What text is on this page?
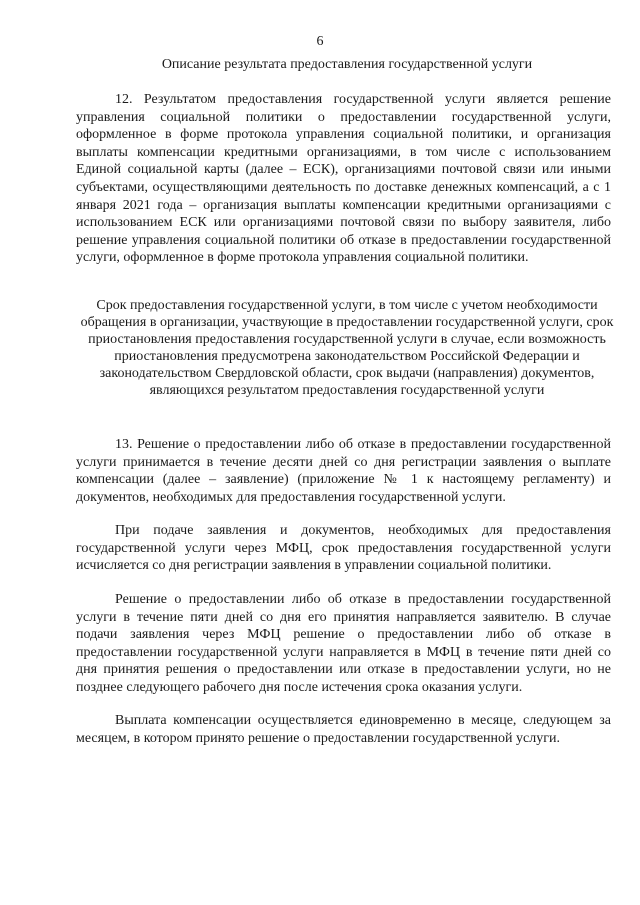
6
Описание результата предоставления государственной услуги
12. Результатом предоставления государственной услуги является решение управления социальной политики о предоставлении государственной услуги, оформленное в форме протокола управления социальной политики, и организация выплаты компенсации кредитными организациями, в том числе с использованием Единой социальной карты (далее – ЕСК), организациями почтовой связи или иными субъектами, осуществляющими деятельность по доставке денежных компенсаций, а с 1 января 2021 года – организация выплаты компенсации кредитными организациями с использованием ЕСК или организациями почтовой связи по выбору заявителя, либо решение управления социальной политики об отказе в предоставлении государственной услуги, оформленное в форме протокола управления социальной политики.
Срок предоставления государственной услуги, в том числе с учетом необходимости обращения в организации, участвующие в предоставлении государственной услуги, срок приостановления предоставления государственной услуги в случае, если возможность приостановления предусмотрена законодательством Российской Федерации и законодательством Свердловской области, срок выдачи (направления) документов, являющихся результатом предоставления государственной услуги
13. Решение о предоставлении либо об отказе в предоставлении государственной услуги принимается в течение десяти дней со дня регистрации заявления о выплате компенсации (далее – заявление) (приложение № 1 к настоящему регламенту) и документов, необходимых для предоставления государственной услуги.
При подаче заявления и документов, необходимых для предоставления государственной услуги через МФЦ, срок предоставления государственной услуги исчисляется со дня регистрации заявления в управлении социальной политики.
Решение о предоставлении либо об отказе в предоставлении государственной услуги в течение пяти дней со дня его принятия направляется заявителю. В случае подачи заявления через МФЦ решение о предоставлении либо об отказе в предоставлении государственной услуги направляется в МФЦ в течение пяти дней со дня принятия решения о предоставлении или отказе в предоставлении услуги, но не позднее следующего рабочего дня после истечения срока оказания услуги.
Выплата компенсации осуществляется единовременно в месяце, следующем за месяцем, в котором принято решение о предоставлении государственной услуги.
